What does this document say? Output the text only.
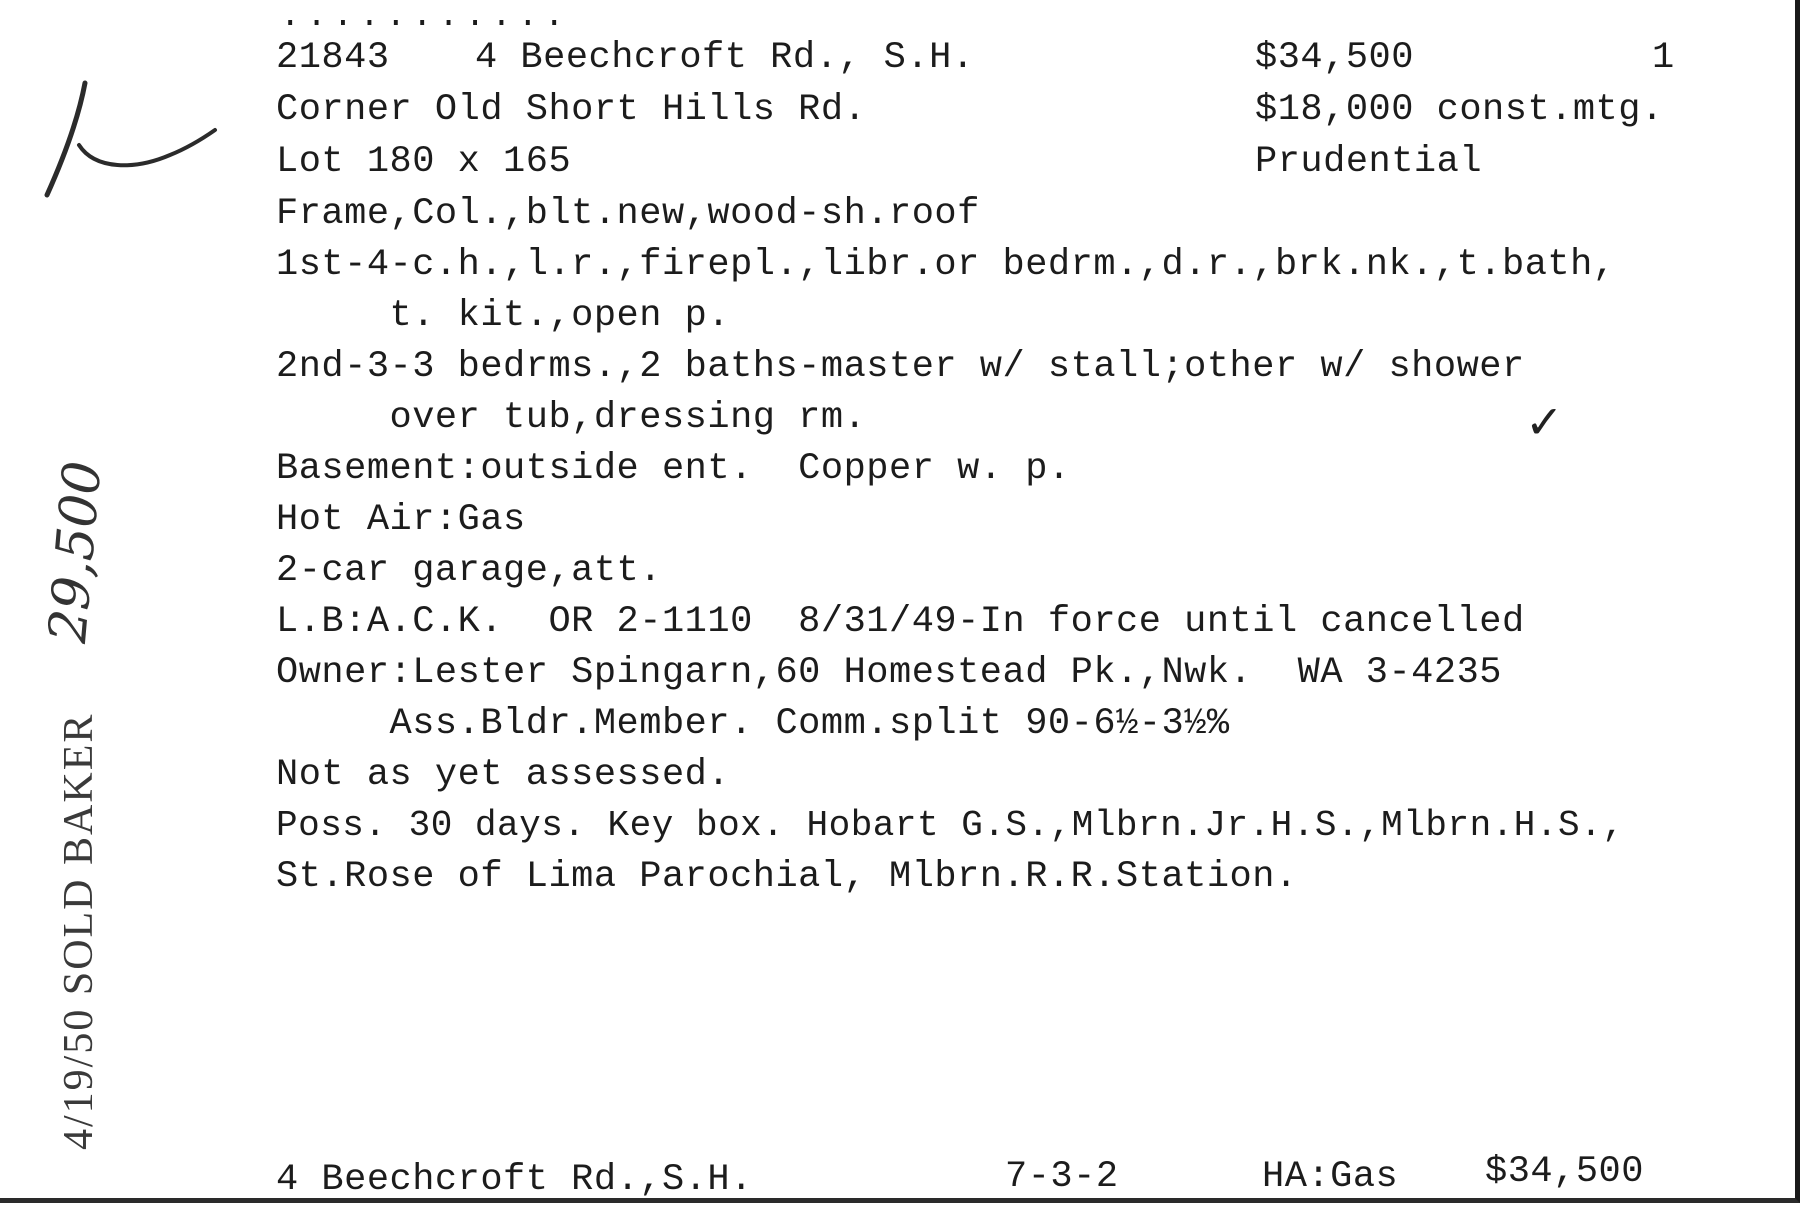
...........
21843 4 Beechcroft Rd., S.H.	$34,500	1
Corner Old Short Hills Rd.	$18,000 const.mtg.
Lot 180 x 165	Prudential
Frame,Col.,blt.new,wood-sh.roof
1st-4-c.h.,l.r.,firepl.,libr.or bedrm.,d.r.,brk.nk.,t.bath,
t. kit.,open p.
2nd-3-3 bedrms.,2 baths-master w/ stall;other w/ shower
over tub,dressing rm.
Basement:outside ent.  Copper w. p.
Hot Air:Gas
2-car garage,att.
L.B:A.C.K.  OR 2-1110  8/31/49-In force until cancelled
Owner:Lester Spingarn,60 Homestead Pk.,Nwk.  WA 3-4235
Ass.Bldr.Member. Comm.split 90-6½-3½%
Not as yet assessed.
Poss. 30 days. Key box. Hobart G.S.,Mlbrn.Jr.H.S.,Mlbrn.H.S.,
St.Rose of Lima Parochial, Mlbrn.R.R.Station.
4 Beechcroft Rd.,S.H.	7-3-2	HA:Gas $34,500
4/19/50 SOLD BAKER
29,500
✓
